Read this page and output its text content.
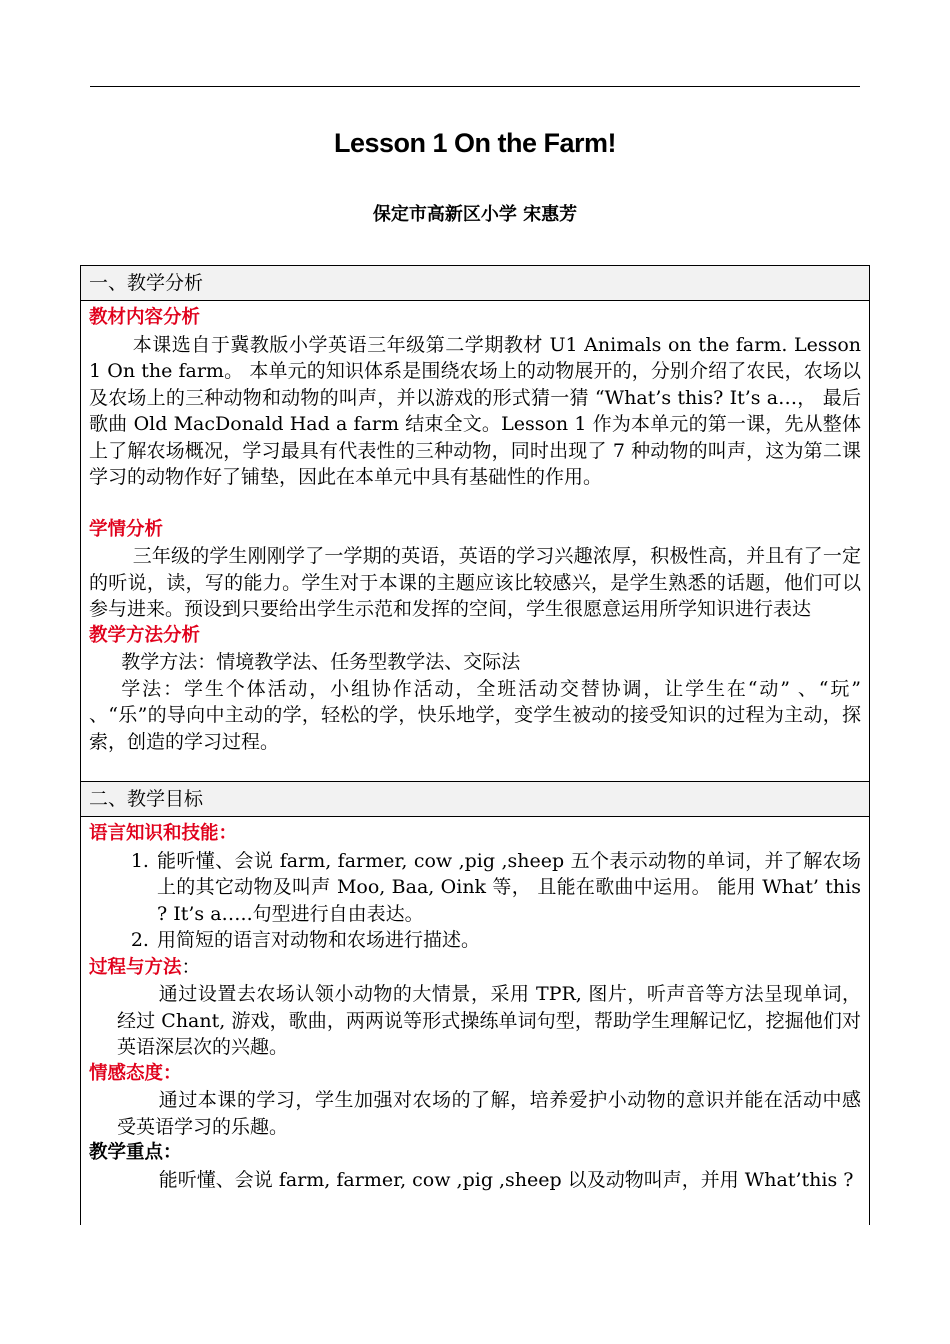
Lesson 1 On the Farm!
保定市高新区小学 宋惠芳
一、教学分析
教材内容分析

本课选自于冀教版小学英语三年级第二学期教材 U1 Animals on the farm. Lesson 1 On the farm。 本单元的知识体系是围绕农场上的动物展开的，分别介绍了农民，农场以及农场上的三种动物和动物的叫声，并以游戏的形式猜一猜 “What’s this? It’s a…， 最后歌曲 Old MacDonald Had a farm 结束全文。Lesson 1 作为本单元的第一课，先从整体上了解农场概况，学习最具有代表性的三种动物，同时出现了 7 种动物的叫声，这为第二课学习的动物作好了铺垫，因此在本单元中具有基础性的作用。

学情分析

三年级的学生刚刚学了一学期的英语，英语的学习兴趣浓厚，积极性高，并且有了一定的听说，读，写的能力。学生对于本课的主题应该比较感兴，是学生熟悉的话题，他们可以参与进来。预设到只要给出学生示范和发挥的空间，学生很愿意运用所学知识进行表达

教学方法分析

教学方法：情境教学法、任务型教学法、交际法

学法：学生个体活动，小组协作活动，全班活动交替协调，让学生在“动” 、“玩” 、“乐”的导向中主动的学，轻松的学，快乐地学，变学生被动的接受知识的过程为主动，探索，创造的学习过程。

二、教学目标
语言知识和技能：
1. 能听懂、会说 farm, farmer, cow ,pig ,sheep 五个表示动物的单词，并了解农场上的其它动物及叫声 Moo, Baa, Oink 等， 且能在歌曲中运用。 能用 What’ this ? It’s a…..句型进行自由表达。
2. 用简短的语言对动物和农场进行描述。
过程与方法：

通过设置去农场认领小动物的大情景，采用 TPR, 图片，听声音等方法呈现单词，经过 Chant, 游戏，歌曲，两两说等形式操练单词句型，帮助学生理解记忆，挖掘他们对英语深层次的兴趣。

情感态度：

通过本课的学习，学生加强对农场的了解，培养爱护小动物的意识并能在活动中感受英语学习的乐趣。

教学重点：

能听懂、会说 farm, farmer, cow ,pig ,sheep 以及动物叫声，并用 What’this ?
